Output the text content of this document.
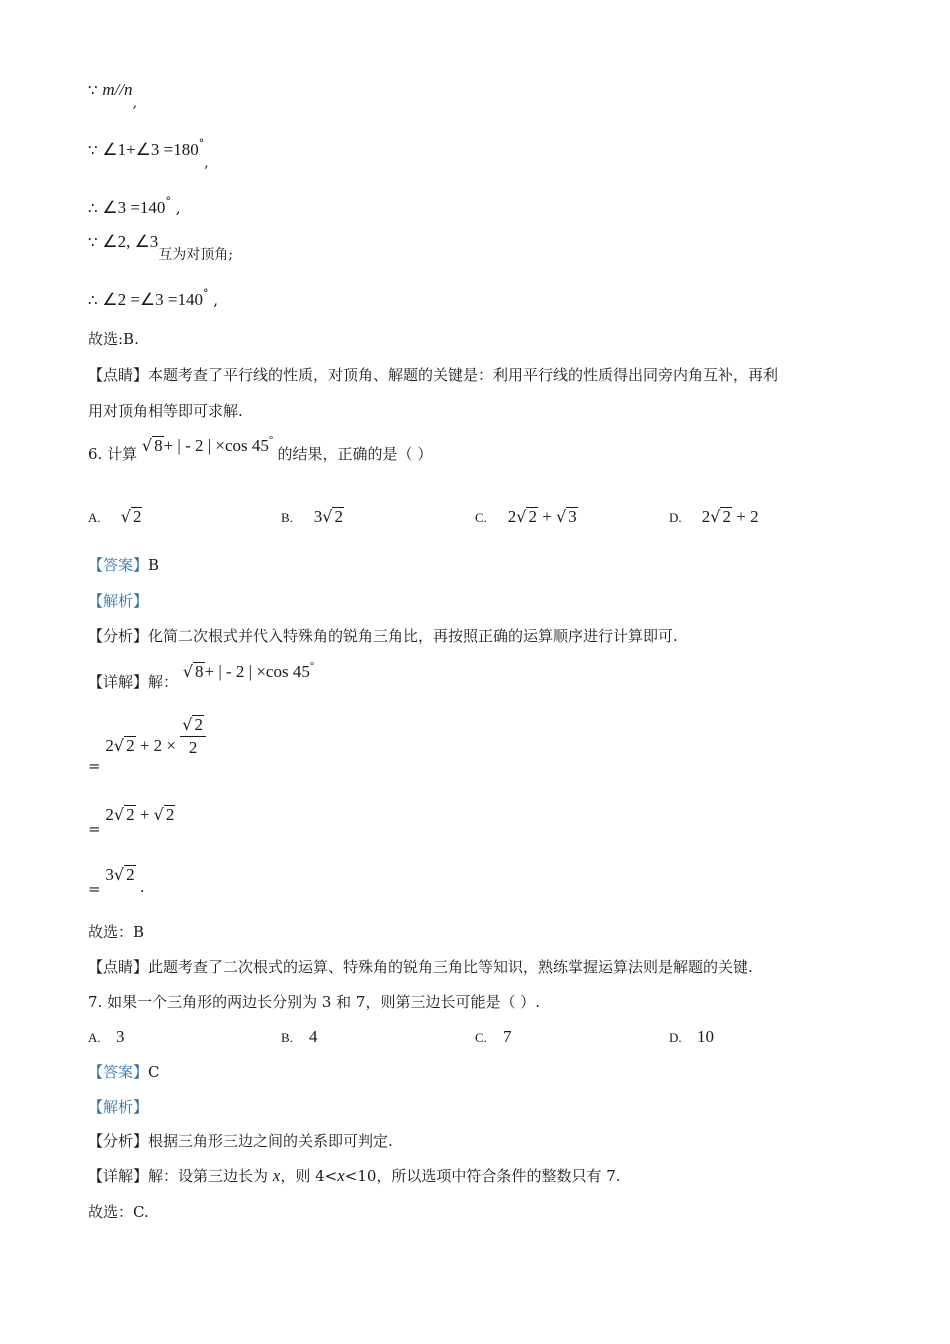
∵ m//n,
∵ ∠1+∠3 =180°,
∴ ∠3 =140° ,
∵ ∠2, ∠3互为对顶角;
∴ ∠2 =∠3 =140° ,
故选:B.
【点睛】本题考查了平行线的性质，对顶角、解题的关键是：利用平行线的性质得出同旁内角互补，再利
用对顶角相等即可求解.
6. 计算 √ 8+ | - 2 | ×cos 45° 的结果，正确的是（ ）
A. √ 2	B. 3√ 2	C. 2√ 2 + √ 3	D. 2√ 2 + 2
【答案】B
【解析】
【分析】化简二次根式并代入特殊角的锐角三角比，再按照正确的运算顺序进行计算即可.
【详解】解： √ 8+ | - 2 | ×cos 45°
= 2√ $2 + 2 \times \frac{√ 2}{2}$
= 2√ 2 + √ 2
= 3√ 2 .
故选：B
【点睛】此题考查了二次根式的运算、特殊角的锐角三角比等知识，熟练掌握运算法则是解题的关键.
7. 如果一个三角形的两边长分别为 3 和 7，则第三边长可能是（ ）.
A. 3	B. 4	C. 7	D. 10
【答案】C
【解析】
【分析】根据三角形三边之间的关系即可判定.
【详解】解：设第三边长为 x，则 4<x<10，所以选项中符合条件的整数只有 7.
故选：C.
